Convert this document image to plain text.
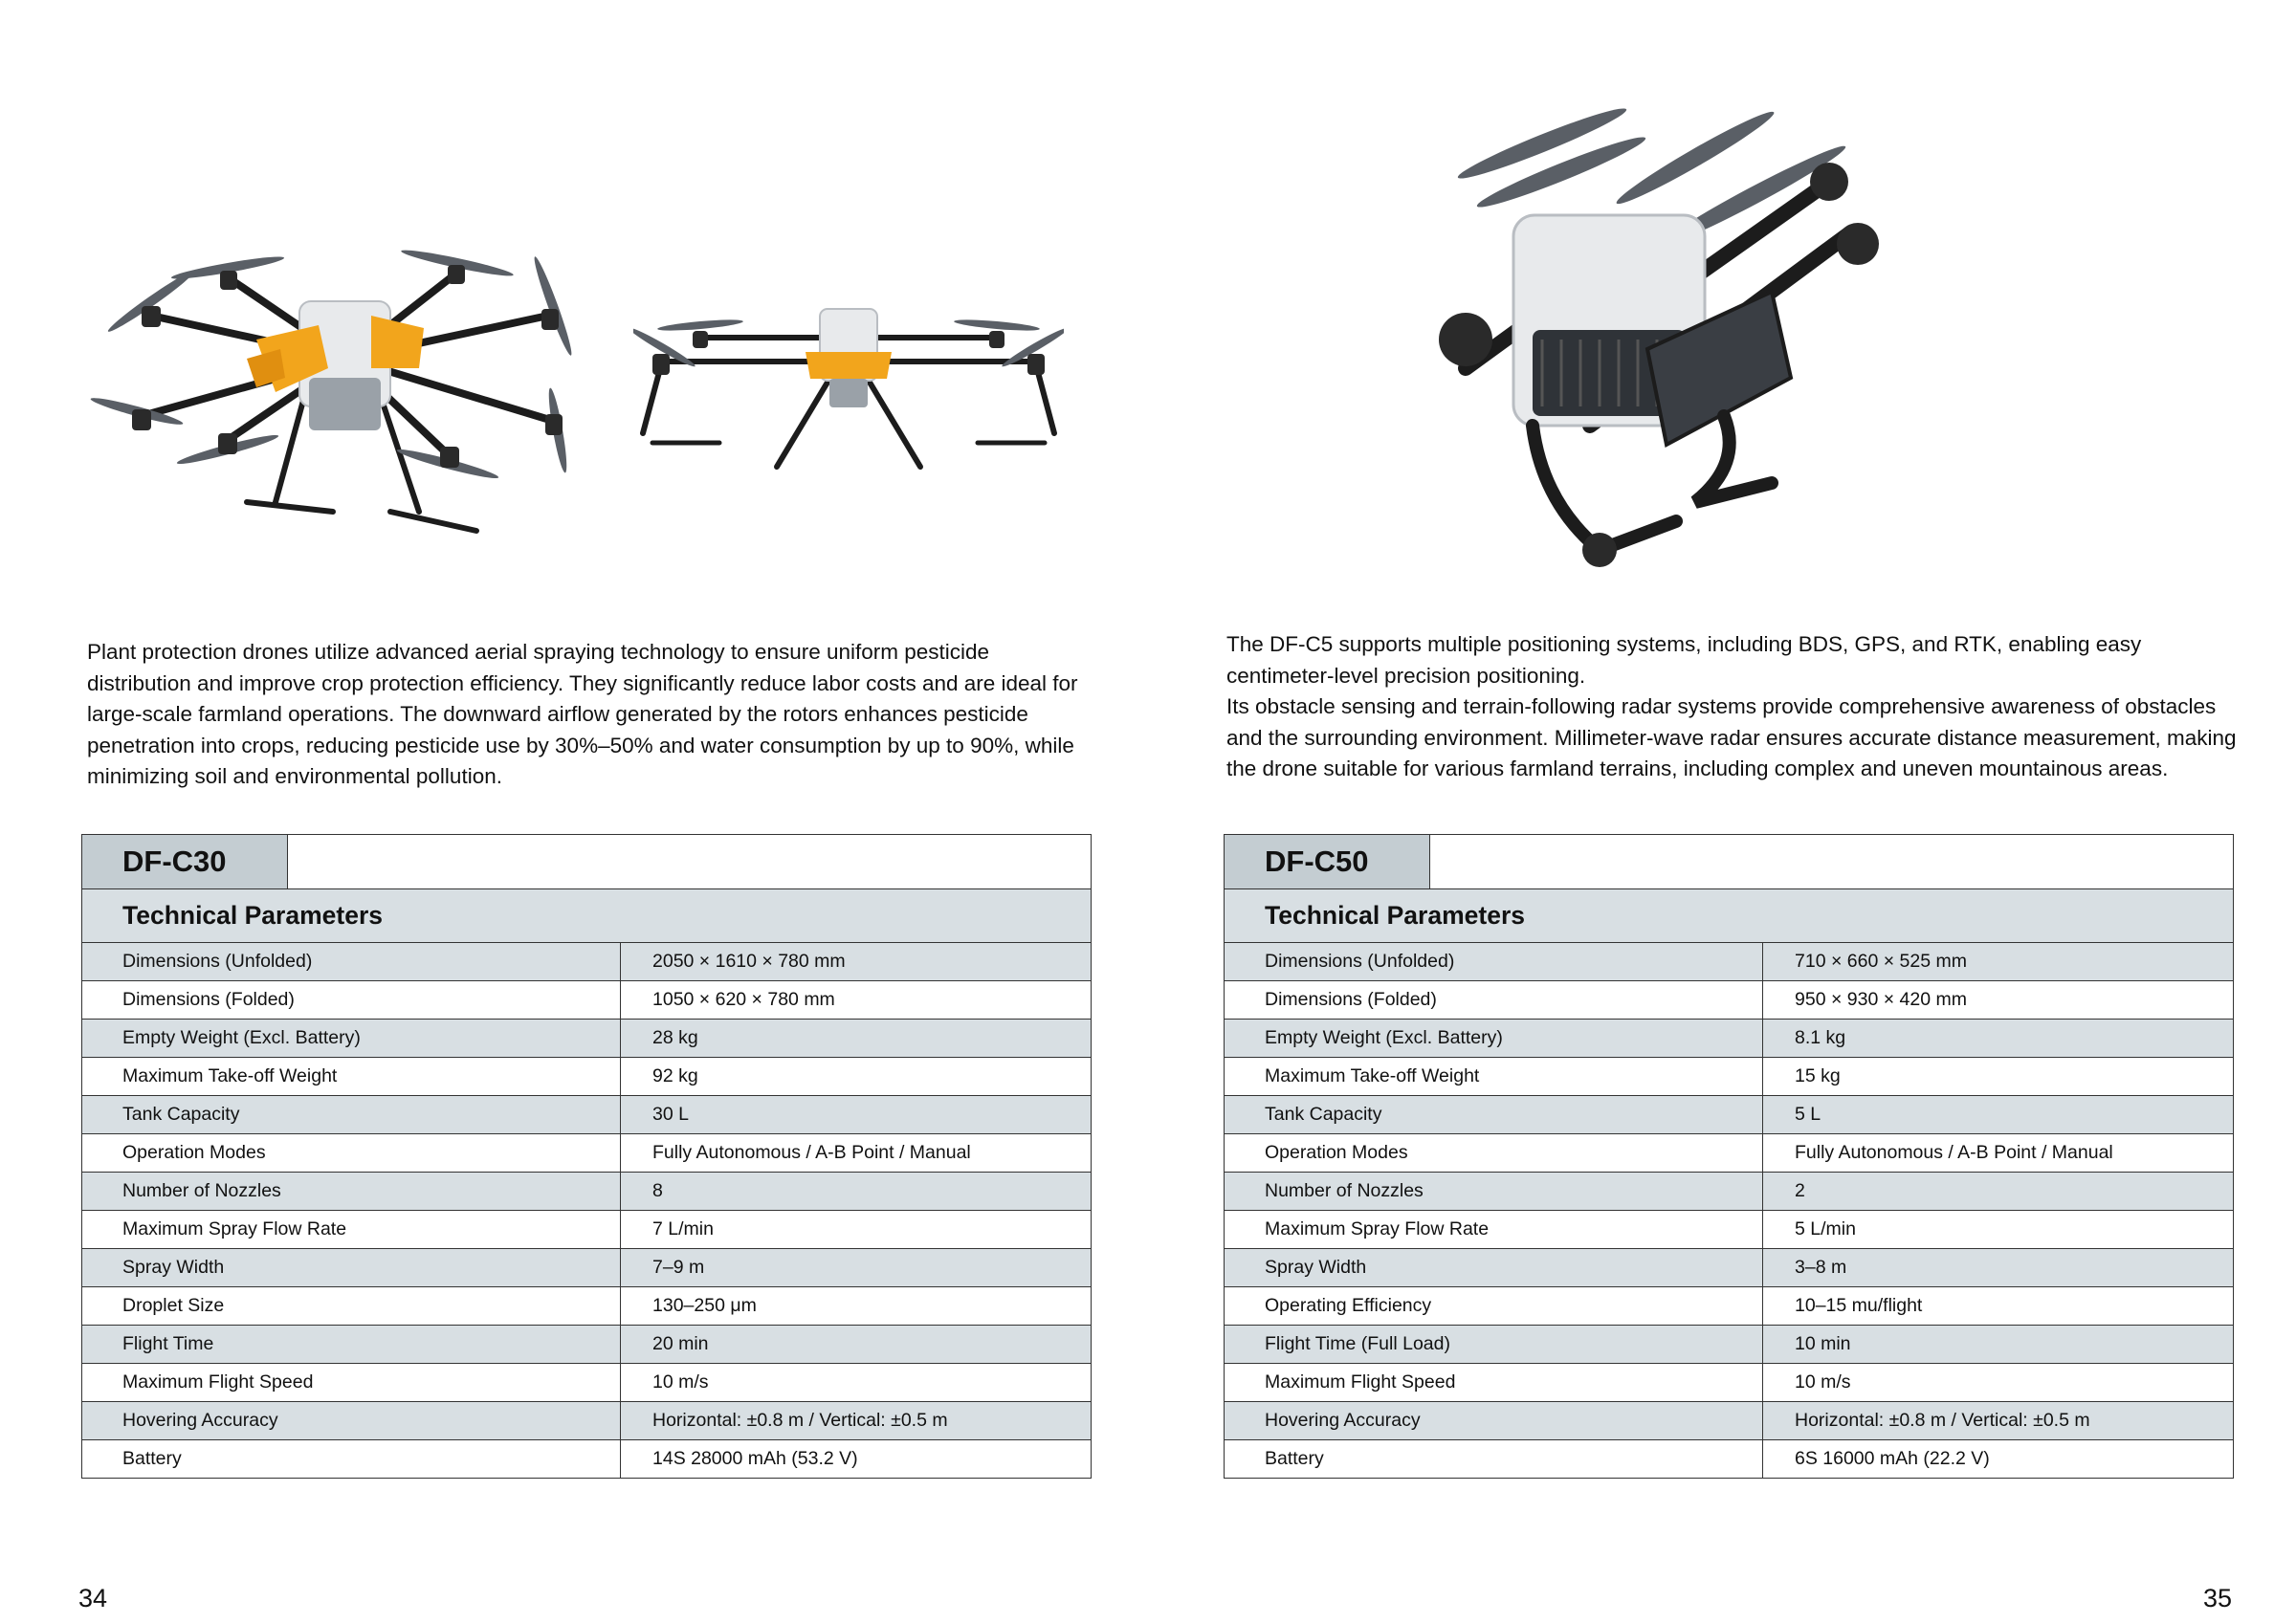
Plant protection drones utilize advanced aerial spraying technology to ensure uniform pesticide distribution and improve crop protection efficiency. They significantly reduce labor costs and are ideal for large-scale farmland operations. The downward airflow generated by the rotors enhances pesticide penetration into crops, reducing pesticide use by 30%–50% and water consumption by up to 90%, while minimizing soil and environmental pollution.

DF-C30
Technical Parameters
Dimensions (Unfolded)	2050 × 1610 × 780 mm
Dimensions (Folded)	1050 × 620 × 780 mm
Empty Weight (Excl. Battery)	28 kg
Maximum Take-off Weight	92 kg
Tank Capacity	30 L
Operation Modes	Fully Autonomous / A-B Point / Manual
Number of Nozzles	8
Maximum Spray Flow Rate	7 L/min
Spray Width	7–9 m
Droplet Size	130–250 μm
Flight Time	20 min
Maximum Flight Speed	10 m/s
Hovering Accuracy	Horizontal: ±0.8 m / Vertical: ±0.5 m
Battery	14S 28000 mAh (53.2 V)
34

The DF-C5 supports multiple positioning systems, including BDS, GPS, and RTK, enabling easy centimeter-level precision positioning.

Its obstacle sensing and terrain-following radar systems provide comprehensive awareness of obstacles and the surrounding environment. Millimeter-wave radar ensures accurate distance measurement, making the drone suitable for various farmland terrains, including complex and uneven mountainous areas.

DF-C50
Technical Parameters
Dimensions (Unfolded)	710 × 660 × 525 mm
Dimensions (Folded)	950 × 930 × 420 mm
Empty Weight (Excl. Battery)	8.1 kg
Maximum Take-off Weight	15 kg
Tank Capacity	5 L
Operation Modes	Fully Autonomous / A-B Point / Manual
Number of Nozzles	2
Maximum Spray Flow Rate	5 L/min
Spray Width	3–8 m
Operating Efficiency	10–15 mu/flight
Flight Time (Full Load)	10 min
Maximum Flight Speed	10 m/s
Hovering Accuracy	Horizontal: ±0.8 m / Vertical: ±0.5 m
Battery	6S 16000 mAh (22.2 V)
35
